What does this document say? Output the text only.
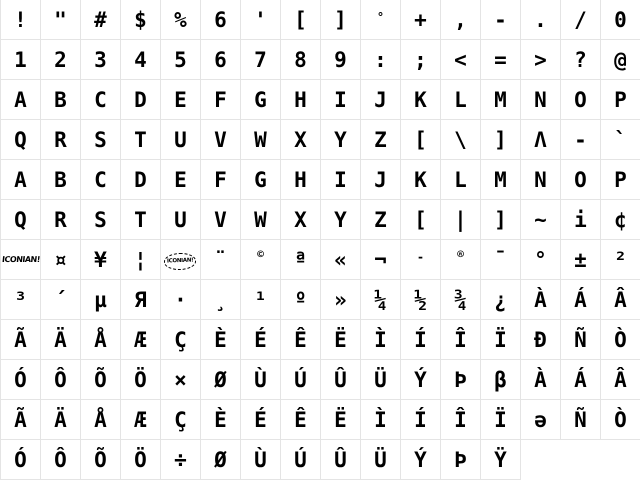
! " # $ % 6 ' [ ]	° + , - . / 0
1 2 3 4 5 6 7 8 9 : ; < = > ? @
A B C D E F G H I J K L M N O P
Q R S T U V W X Y Z [ \ ] Λ - `
A B C D E F G H I J K L M N O P
Q R S T U V W X Y Z [ | ] ~ i ¢
ICONIAN! ¤ ¥ ¦	ICONIAN! ¨	© ª « ¬	-	® ¯ ° ± ²
³ ´ µ Я · ¸ ¹ º » ¼ ½ ¾ ¿ À Á Â
Ã Ä Å Æ Ç È É Ê Ë Ì Í Î Ï Ð Ñ Ò
Ó Ô Õ Ö × Ø Ù Ú Û Ü Ý Þ β À Á Â
Ã Ä Å Æ Ç È É Ê Ë Ì Í Î Ï ə Ñ Ò
Ó Ô Õ Ö ÷ Ø Ù Ú Û Ü Ý Þ Ÿ
